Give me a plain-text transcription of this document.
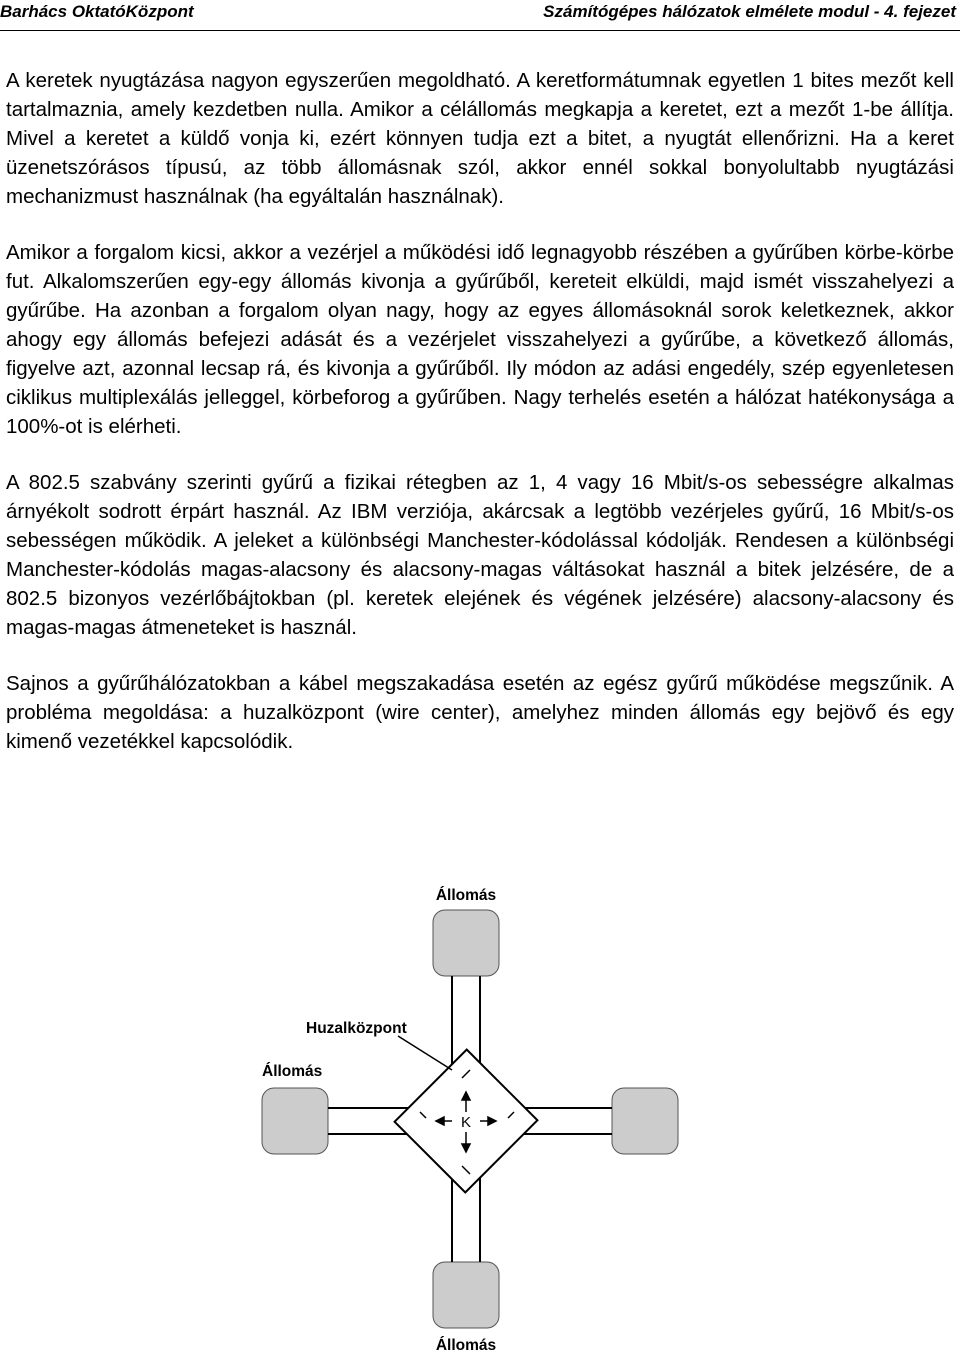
Barhács OktatóKözpont	Számítógépes hálózatok elmélete modul - 4. fejezet

A keretek nyugtázása nagyon egyszerűen megoldható. A keretformátumnak egyetlen 1 bites mezőt kell tartalmaznia, amely kezdetben nulla. Amikor a célállomás megkapja a keretet, ezt a mezőt 1-be állítja. Mivel a keretet a küldő vonja ki, ezért könnyen tudja ezt a bitet, a nyugtát ellenőrizni. Ha a keret üzenetszórásos típusú, az több állomásnak szól, akkor ennél sokkal bonyolultabb nyugtázási mechanizmust használnak (ha egyáltalán használnak).

Amikor a forgalom kicsi, akkor a vezérjel a működési idő legnagyobb részében a gyűrűben körbe-körbe fut. Alkalomszerűen egy-egy állomás kivonja a gyűrűből, kereteit elküldi, majd ismét visszahelyezi a gyűrűbe. Ha azonban a forgalom olyan nagy, hogy az egyes állomásoknál sorok keletkeznek, akkor ahogy egy állomás befejezi adását és a vezérjelet visszahelyezi a gyűrűbe, a következő állomás, figyelve azt, azonnal lecsap rá, és kivonja a gyűrűből. Ily módon az adási engedély, szép egyenletesen ciklikus multiplexálás jelleggel, körbeforog a gyűrűben. Nagy terhelés esetén a hálózat hatékonysága a 100%-ot is elérheti.

A 802.5 szabvány szerinti gyűrű a fizikai rétegben az 1, 4 vagy 16 Mbit/s-os sebességre alkalmas árnyékolt sodrott érpárt használ. Az IBM verziója, akárcsak a legtöbb vezérjeles gyűrű, 16 Mbit/s-os sebességen működik. A jeleket a különbségi Manchester-kódolással kódolják. Rendesen a különbségi Manchester-kódolás magas-alacsony és alacsony-magas váltásokat használ a bitek jelzésére, de a 802.5 bizonyos vezérlőbájtokban (pl. keretek elejének és végének jelzésére) alacsony-alacsony és magas-magas átmeneteket is használ.

Sajnos a gyűrűhálózatokban a kábel megszakadása esetén az egész gyűrű működése megszűnik. A probléma megoldása: a huzalközpont (wire center), amelyhez minden állomás egy bejövő és egy kimenő vezetékkel kapcsolódik.

K
Állomás
Huzalközpont
Állomás
Állomás
